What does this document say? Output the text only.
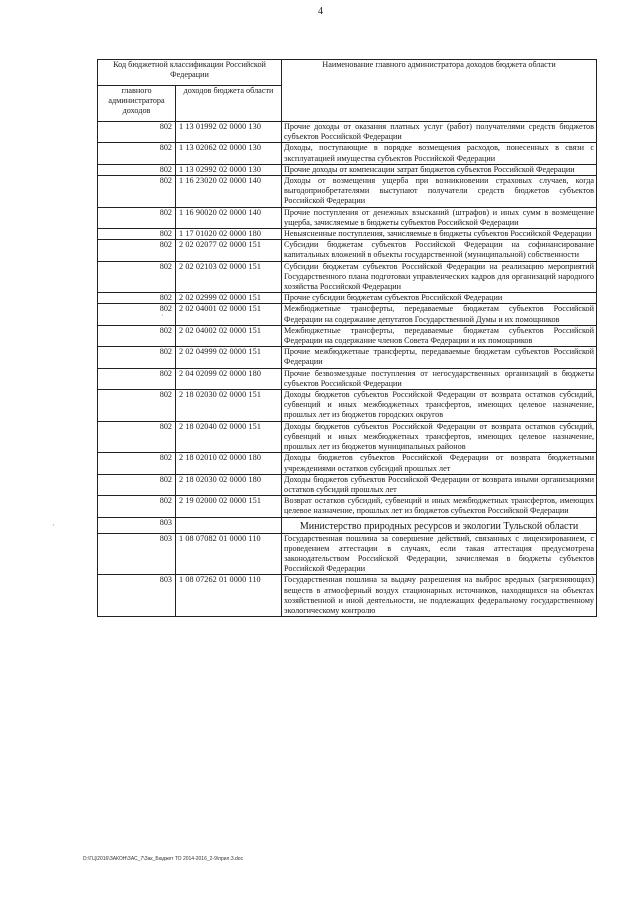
4
Код бюджетной классификации Российской Федерации		Наименование главного администратора доходов бюджета области
главного администратора доходов	доходов бюджета области	
802	1 13 01992 02 0000 130	Прочие доходы от оказания платных услуг (работ) получателями средств бюджетов субъектов Российской Федерации
802	1 13 02062 02 0000 130	Доходы, поступающие в порядке возмещения расходов, понесенных в связи с эксплуатацией имущества субъектов Российской Федерации
802	1 13 02992 02 0000 130	Прочие доходы от компенсации затрат бюджетов субъектов Российской Федерации
802	1 16 23020 02 0000 140	Доходы от возмещения ущерба при возникновении страховых случаев, когда выгодоприобретателями выступают получатели средств бюджетов субъектов Российской Федерации
802	1 16 90020 02 0000 140	Прочие поступления от денежных взысканий (штрафов) и иных сумм в возмещение ущерба, зачисляемые в бюджеты субъектов Российской Федерации
802	1 17 01020 02 0000 180	Невыясненные поступления, зачисляемые в бюджеты субъектов Российской Федерации
802	2 02 02077 02 0000 151	Субсидии бюджетам субъектов Российской Федерации на софинансирование капитальных вложений в объекты государственной (муниципальной) собственности
802	2 02 02103 02 0000 151	Субсидии бюджетам субъектов Российской Федерации на реализацию мероприятий Государственного плана подготовки управленческих кадров для организаций народного хозяйства Российской Федерации
802	2 02 02999 02 0000 151	Прочие субсидии бюджетам субъектов Российской Федерации
802	2 02 04001 02 0000 151	Межбюджетные трансферты, передаваемые бюджетам субъектов Российской Федерации на содержание депутатов Государственной Думы и их помощников
802	2 02 04002 02 0000 151	Межбюджетные трансферты, передаваемые бюджетам субъектов Российской Федерации на содержание членов Совета Федерации и их помощников
802	2 02 04999 02 0000 151	Прочие межбюджетные трансферты, передаваемые бюджетам субъектов Российской Федерации
802	2 04 02099 02 0000 180	Прочие безвозмездные поступления от негосударственных организаций в бюджеты субъектов Российской Федерации
802	2 18 02030 02 0000 151	Доходы бюджетов субъектов Российской Федерации от возврата остатков субсидий, субвенций и иных межбюджетных трансфертов, имеющих целевое назначение, прошлых лет из бюджетов городских округов
802	2 18 02040 02 0000 151	Доходы бюджетов субъектов Российской Федерации от возврата остатков субсидий, субвенций и иных межбюджетных трансфертов, имеющих целевое назначение, прошлых лет из бюджетов муниципальных районов
802	2 18 02010 02 0000 180	Доходы бюджетов субъектов Российской Федерации от возврата бюджетными учреждениями остатков субсидий прошлых лет
802	2 18 02030 02 0000 180	Доходы бюджетов субъектов Российской Федерации от возврата иными организациями остатков субсидий прошлых лет
802	2 19 02000 02 0000 151	Возврат остатков субсидий, субвенций и иных межбюджетных трансфертов, имеющих целевое назначение, прошлых лет из бюджетов субъектов Российской Федерации
803		Министерство природных ресурсов и экологии Тульской области
803	1 08 07082 01 0000 110	Государственная пошлина за совершение действий, связанных с лицензированием, с проведением аттестации в случаях, если такая аттестация предусмотрена законодательством Российской Федерации, зачисляемая в бюджеты субъектов Российской Федерации
803	1 08 07262 01 0000 110	Государственная пошлина за выдачу разрешения на выброс вредных (загрязняющих) веществ в атмосферный воздух стационарных источников, находящихся на объектах хозяйственной и иной деятельности, не подлежащих федеральному государственному экологическому контролю
D:\ГЦ\2016\ЗАКОН\ЗАС_7\Зак_Бюджет ТО 2014-2016_2-9\прил.3.doc
·
·
